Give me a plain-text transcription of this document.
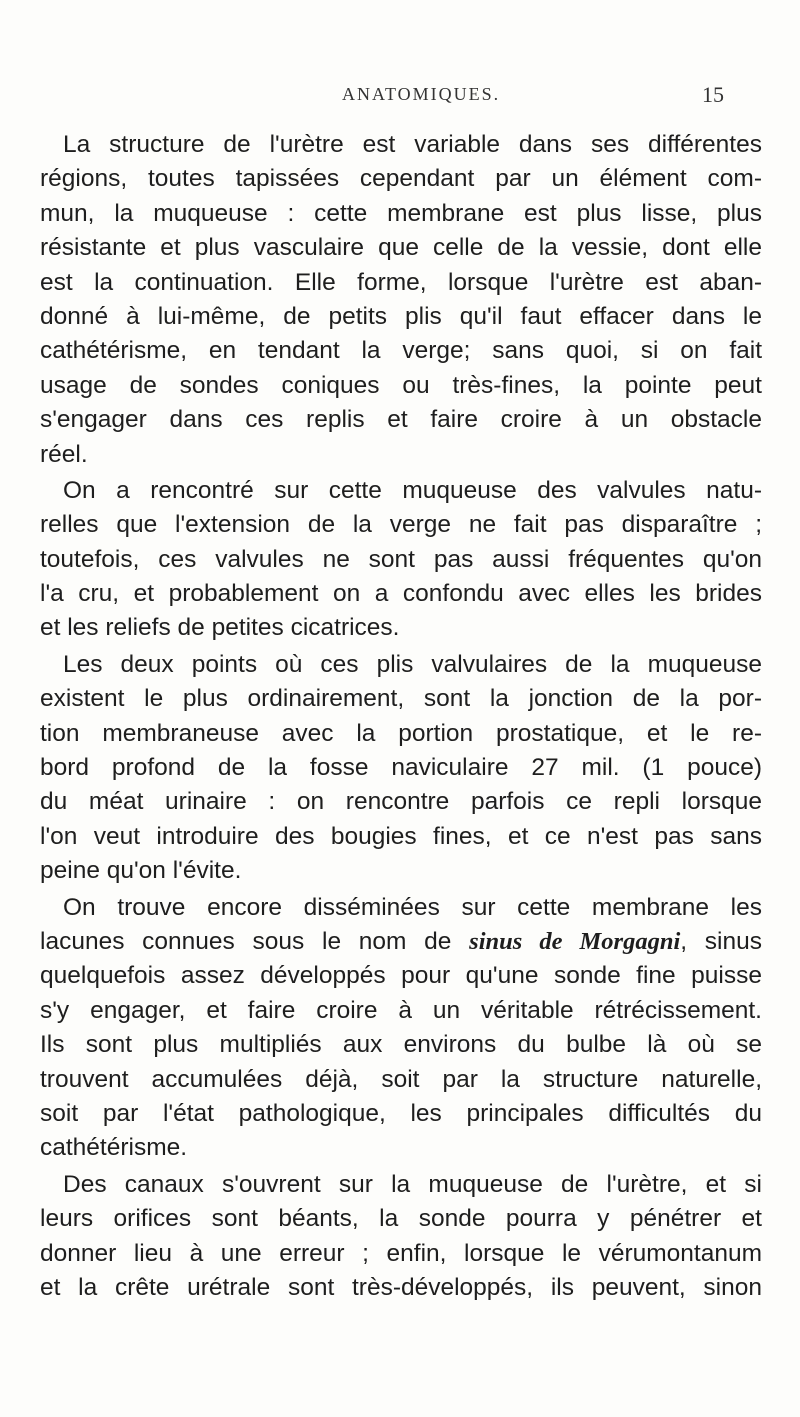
ANATOMIQUES.	15
La structure de l'urètre est variable dans ses différentes
régions, toutes tapissées cependant par un élément com-
mun, la muqueuse : cette membrane est plus lisse, plus
résistante et plus vasculaire que celle de la vessie, dont elle
est la continuation. Elle forme, lorsque l'urètre est aban-
donné à lui-même, de petits plis qu'il faut effacer dans le
cathétérisme, en tendant la verge; sans quoi, si on fait
usage de sondes coniques ou très-fines, la pointe peut
s'engager dans ces replis et faire croire à un obstacle
réel.
On a rencontré sur cette muqueuse des valvules natu-
relles que l'extension de la verge ne fait pas disparaître ;
toutefois, ces valvules ne sont pas aussi fréquentes qu'on
l'a cru, et probablement on a confondu avec elles les brides
et les reliefs de petites cicatrices.
Les deux points où ces plis valvulaires de la muqueuse
existent le plus ordinairement, sont la jonction de la por-
tion membraneuse avec la portion prostatique, et le re-
bord profond de la fosse naviculaire 27 mil. (1 pouce)
du méat urinaire : on rencontre parfois ce repli lorsque
l'on veut introduire des bougies fines, et ce n'est pas sans
peine qu'on l'évite.
On trouve encore disséminées sur cette membrane les
lacunes connues sous le nom de sinus de Morgagni, sinus
quelquefois assez développés pour qu'une sonde fine puisse
s'y engager, et faire croire à un véritable rétrécissement.
Ils sont plus multipliés aux environs du bulbe là où se
trouvent accumulées déjà, soit par la structure naturelle,
soit par l'état pathologique, les principales difficultés du
cathétérisme.
Des canaux s'ouvrent sur la muqueuse de l'urètre, et si
leurs orifices sont béants, la sonde pourra y pénétrer et
donner lieu à une erreur ; enfin, lorsque le vérumontanum
et la crête urétrale sont très-développés, ils peuvent, sinon
